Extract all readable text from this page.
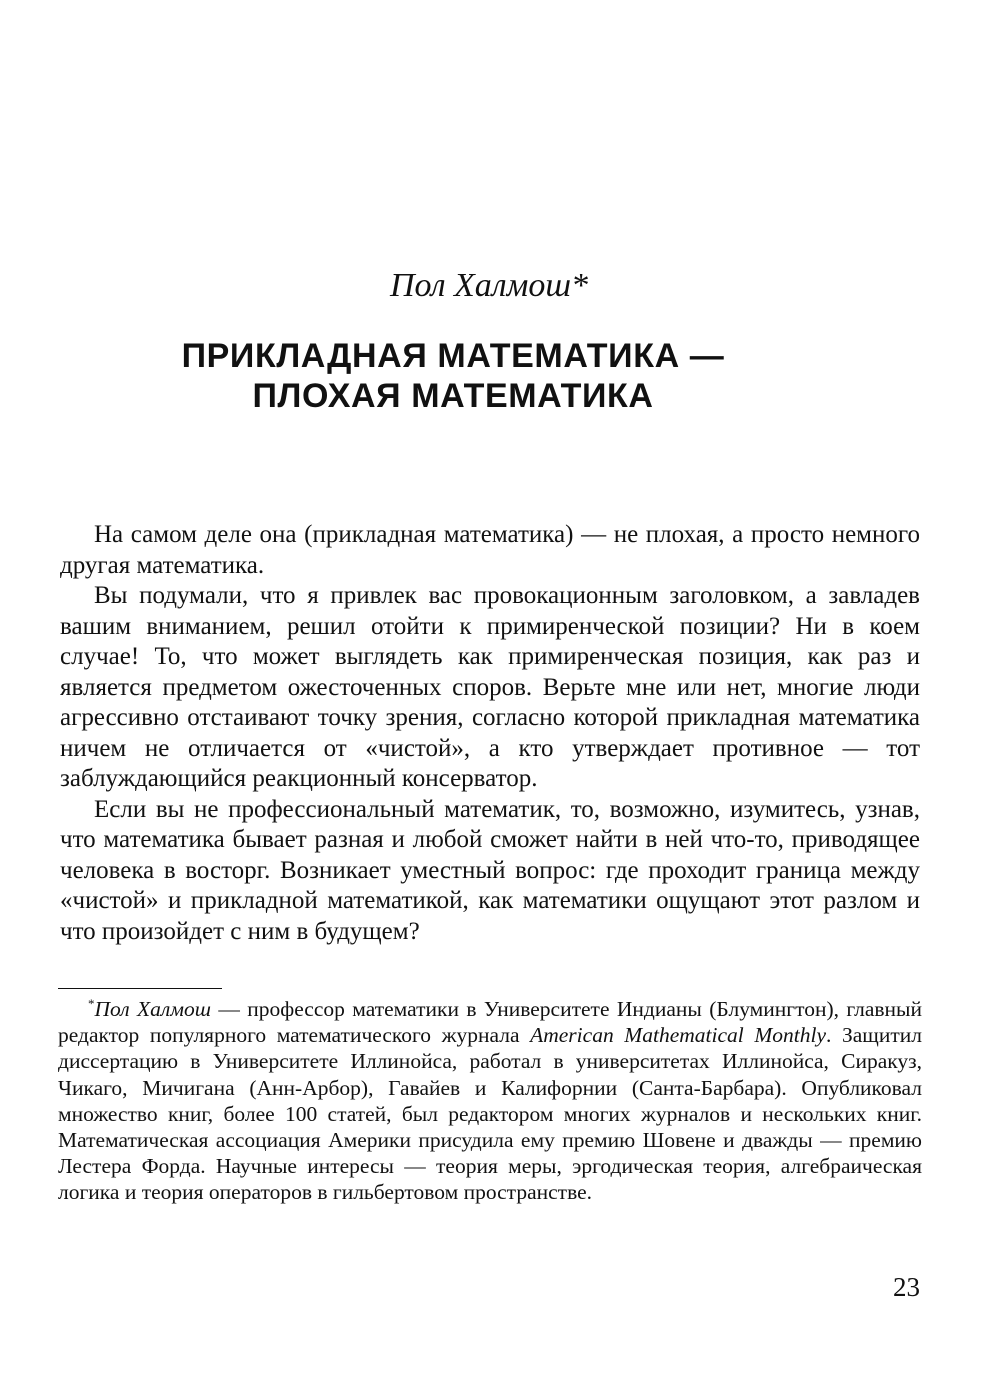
Пол Халмош*
ПРИКЛАДНАЯ МАТЕМАТИКА —
ПЛОХАЯ МАТЕМАТИКА

На самом деле она (прикладная математика) — не плохая, а просто немного другая математика.

Вы подумали, что я привлек вас провокационным заголовком, а завладев вашим вниманием, решил отойти к примиренческой позиции? Ни в коем случае! То, что может выглядеть как примиренческая позиция, как раз и является предметом ожесточенных споров. Верьте мне или нет, многие люди агрессивно отстаивают точку зрения, согласно которой прикладная математика ничем не отличается от «чистой», а кто утверждает противное — тот заблуждающийся реакционный консерватор.

Если вы не профессиональный математик, то, возможно, изумитесь, узнав, что математика бывает разная и любой сможет найти в ней что-то, приводящее человека в восторг. Возникает уместный вопрос: где проходит граница между «чистой» и прикладной математикой, как математики ощущают этот разлом и что произойдет с ним в будущем?

*Пол Халмош — профессор математики в Университете Индианы (Блумингтон), главный редактор популярного математического журнала American Mathematical Monthly. Защитил диссертацию в Университете Иллинойса, работал в университетах Иллинойса, Сиракуз, Чикаго, Мичигана (Анн-Арбор), Гавайев и Калифорнии (Санта-Барбара). Опубликовал множество книг, более 100 статей, был редактором многих журналов и нескольких книг. Математическая ассоциация Америки присудила ему премию Шовене и дважды — премию Лестера Форда. Научные интересы — теория меры, эргодическая теория, алгебраическая логика и теория операторов в гильбертовом пространстве.
23
